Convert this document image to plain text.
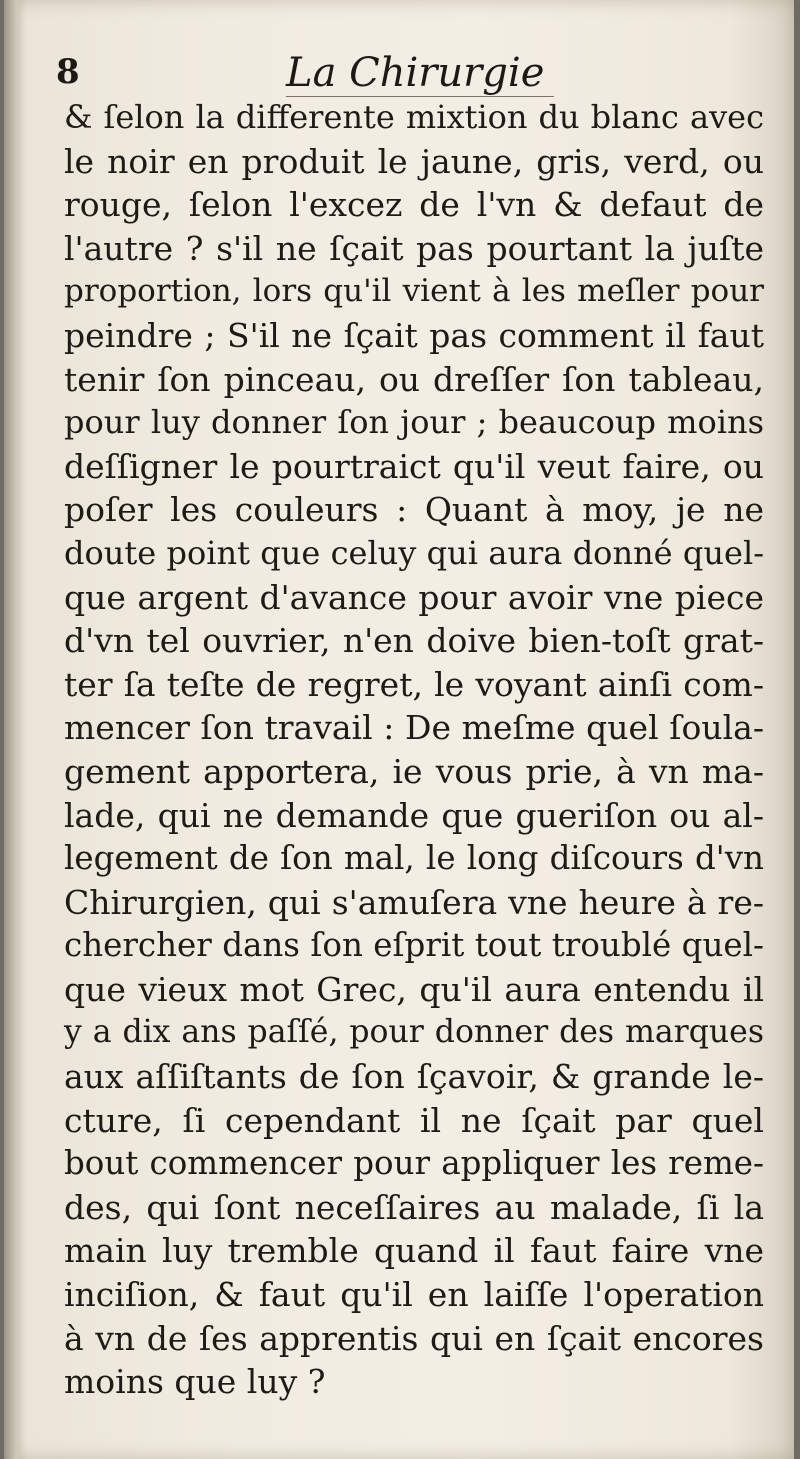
8	La Chirurgie
& ſelon la differente mixtion du blanc avec
le noir en produit le jaune, gris, verd, ou
rouge, ſelon l'excez de l'vn & defaut de
l'autre ? s'il ne ſçait pas pourtant la juſte
proportion, lors qu'il vient à les meſler pour
peindre ; S'il ne ſçait pas comment il faut
tenir ſon pinceau, ou dreſſer ſon tableau,
pour luy donner ſon jour ; beaucoup moins
deſſigner le pourtraict qu'il veut faire, ou
poſer les couleurs : Quant à moy, je ne
doute point que celuy qui aura donné quel-
que argent d'avance pour avoir vne piece
d'vn tel ouvrier, n'en doive bien-toſt grat-
ter ſa teſte de regret, le voyant ainſi com-
mencer ſon travail : De meſme quel ſoula-
gement apportera, ie vous prie, à vn ma-
lade, qui ne demande que gueriſon ou al-
legement de ſon mal, le long diſcours d'vn
Chirurgien, qui s'amuſera vne heure à re-
chercher dans ſon eſprit tout troublé quel-
que vieux mot Grec, qu'il aura entendu il
y a dix ans paſſé, pour donner des marques
aux aſſiſtants de ſon ſçavoir, & grande le-
cture, ſi cependant il ne ſçait par quel
bout commencer pour appliquer les reme-
des, qui ſont neceſſaires au malade, ſi la
main luy tremble quand il faut faire vne
inciſion, & faut qu'il en laiſſe l'operation
à vn de ſes apprentis qui en ſçait encores
moins que luy ?
